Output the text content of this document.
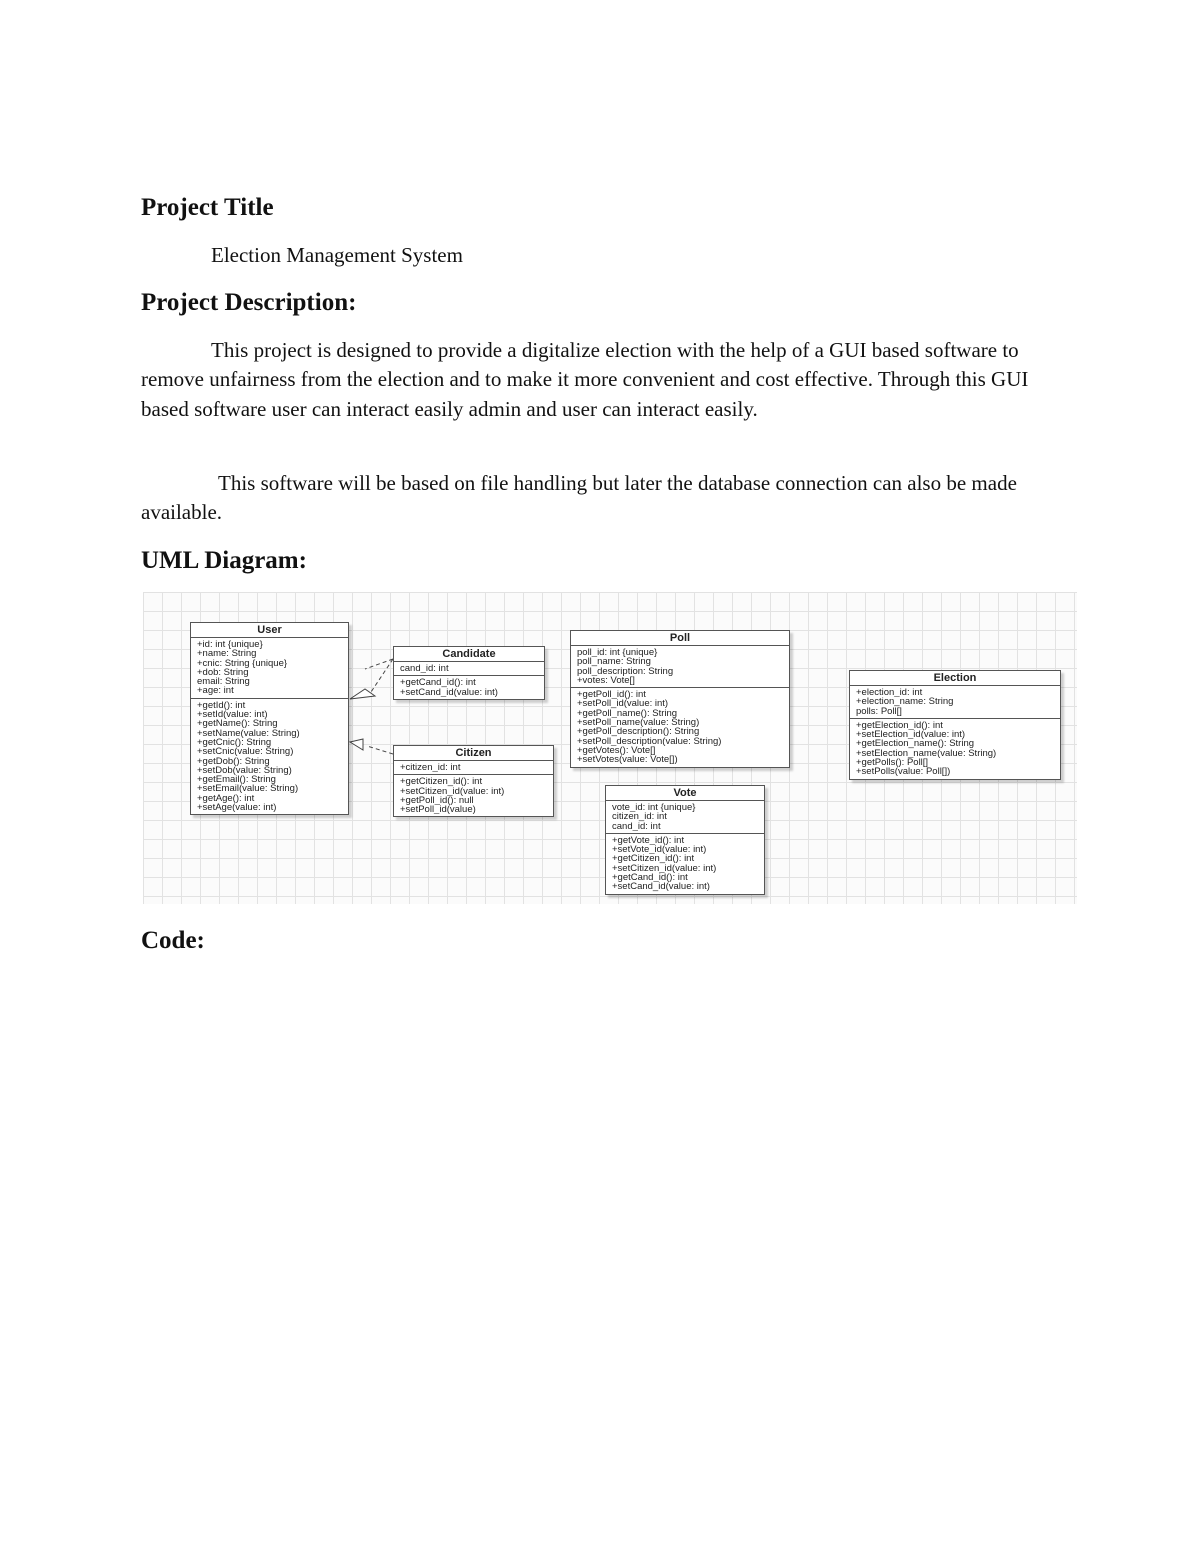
Project Title

Election Management System

Project Description:

This project is designed to provide a digitalize election with the help of a GUI based software to remove unfairness from the election and to make it more convenient and cost effective. Through this GUI based software user can interact easily admin and user can interact easily.

This software will be based on file handling but later the database connection can also be made available.

UML Diagram:
User
+id: int {unique}
+name: String
+cnic: String {unique}
+dob: String
email: String
+age: int
+getId(): int
+setId(value: int)
+getName(): String
+setName(value: String)
+getCnic(): String
+setCnic(value: String)
+getDob(): String
+setDob(value: String)
+getEmail(): String
+setEmail(value: String)
+getAge(): int
+setAge(value: int)
Candidate
cand_id: int
+getCand_id(): int
+setCand_id(value: int)
Citizen
+citizen_id: int
+getCitizen_id(): int
+setCitizen_id(value: int)
+getPoll_id(): null
+setPoll_id(value)
Poll
poll_id: int {unique}
poll_name: String
poll_description: String
+votes: Vote[]
+getPoll_id(): int
+setPoll_id(value: int)
+getPoll_name(): String
+setPoll_name(value: String)
+getPoll_description(): String
+setPoll_description(value: String)
+getVotes(): Vote[]
+setVotes(value: Vote[])
Vote
vote_id: int {unique}
citizen_id: int
cand_id: int
+getVote_id(): int
+setVote_id(value: int)
+getCitizen_id(): int
+setCitizen_id(value: int)
+getCand_id(): int
+setCand_id(value: int)
Election
+election_id: int
+election_name: String
polls: Poll[]
+getElection_id(): int
+setElection_id(value: int)
+getElection_name(): String
+setElection_name(value: String)
+getPolls(): Poll[]
+setPolls(value: Poll[])
Code:
